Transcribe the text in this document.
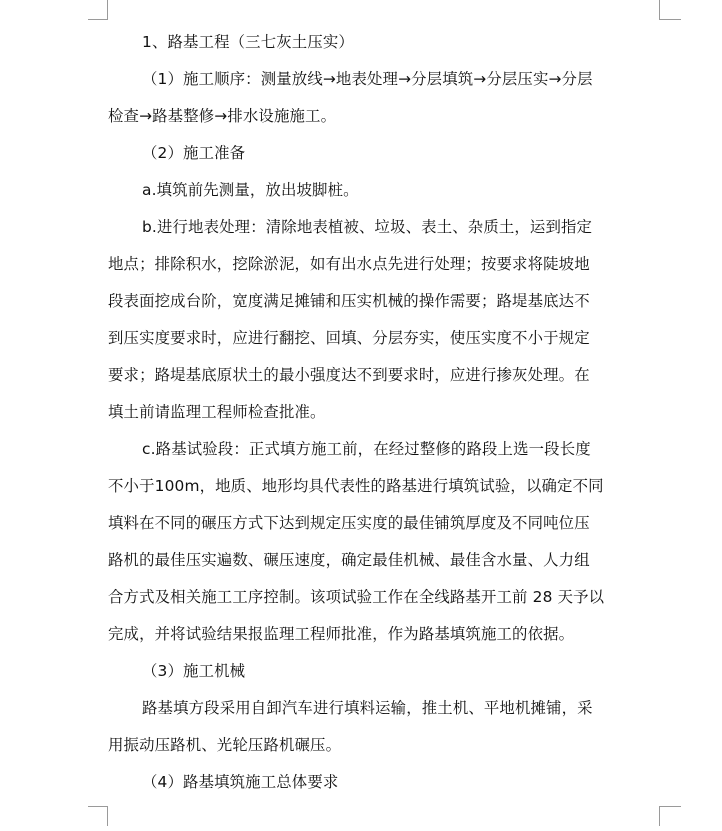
1、路基工程（三七灰土压实）
（1）施工顺序：测量放线→地表处理→分层填筑→分层压实→分层
检查→路基整修→排水设施施工。
（2）施工准备
a.填筑前先测量，放出坡脚桩。
b.进行地表处理：清除地表植被、垃圾、表土、杂质土，运到指定
地点；排除积水，挖除淤泥，如有出水点先进行处理；按要求将陡坡地
段表面挖成台阶，宽度满足摊铺和压实机械的操作需要；路堤基底达不
到压实度要求时，应进行翻挖、回填、分层夯实，使压实度不小于规定
要求；路堤基底原状土的最小强度达不到要求时，应进行掺灰处理。在
填土前请监理工程师检查批准。
c.路基试验段：正式填方施工前，在经过整修的路段上选一段长度
不小于100m，地质、地形均具代表性的路基进行填筑试验，以确定不同
填料在不同的碾压方式下达到规定压实度的最佳铺筑厚度及不同吨位压
路机的最佳压实遍数、碾压速度，确定最佳机械、最佳含水量、人力组
合方式及相关施工工序控制。该项试验工作在全线路基开工前 28 天予以
完成，并将试验结果报监理工程师批准，作为路基填筑施工的依据。
（3）施工机械
路基填方段采用自卸汽车进行填料运输，推土机、平地机摊铺，采
用振动压路机、光轮压路机碾压。
（4）路基填筑施工总体要求
